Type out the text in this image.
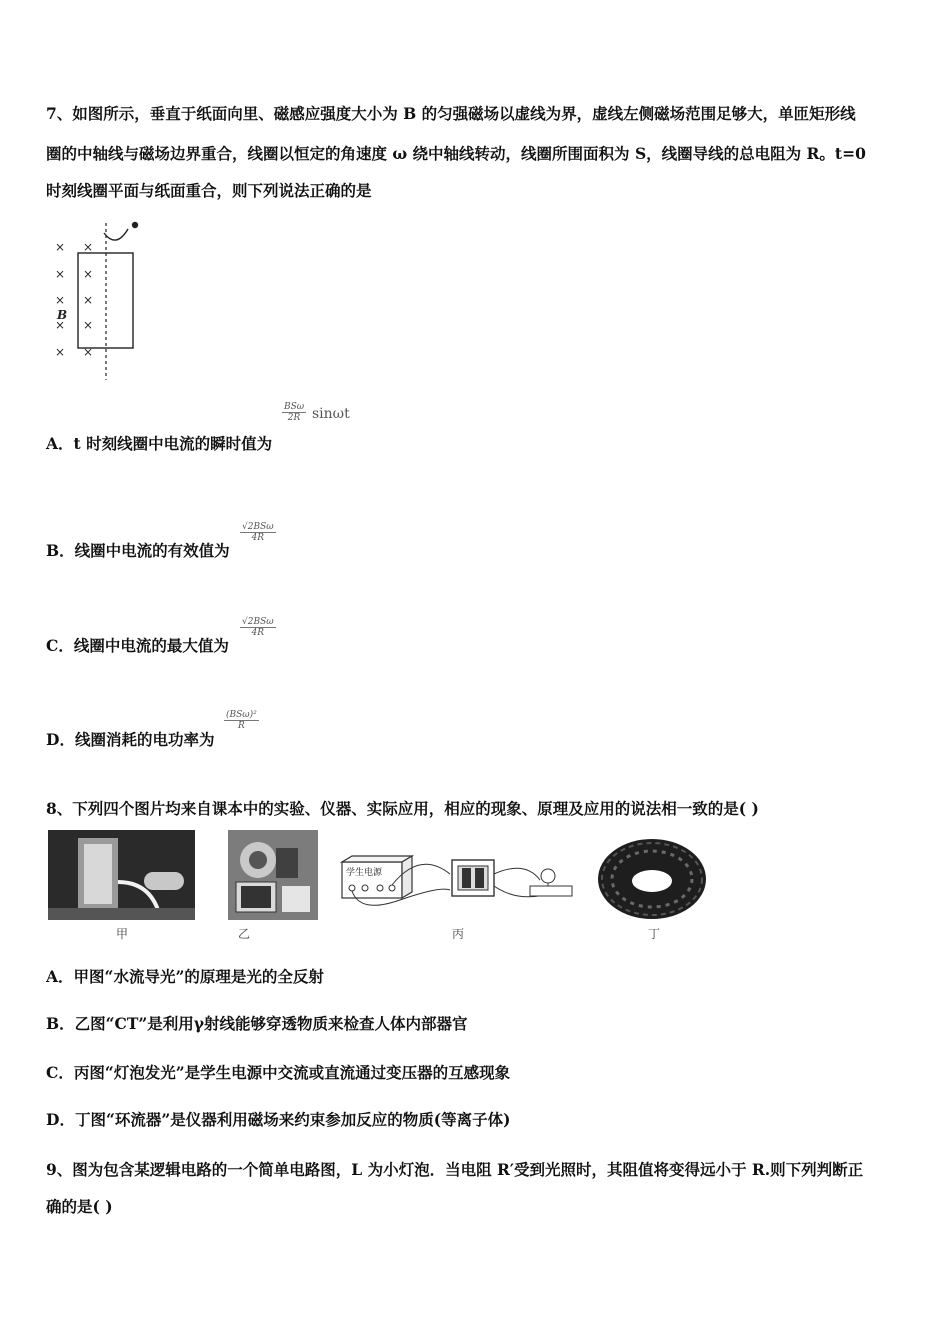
7、如图所示，垂直于纸面向里、磁感应强度大小为 B 的匀强磁场以虚线为界，虚线左侧磁场范围足够大，单匝矩形线
圈的中轴线与磁场边界重合，线圈以恒定的角速度 ω 绕中轴线转动，线圈所围面积为 S，线圈导线的总电阻为 R。t=0
时刻线圈平面与纸面重合，则下列说法正确的是
× ×
× ×
× ×
× ×
× ×
B
A．t 时刻线圈中电流的瞬时值为
BSω
2R sinωt
B．线圈中电流的有效值为
√2BSω
4R
C．线圈中电流的最大值为
√2BSω
4R
D．线圈消耗的电功率为
(BSω)²
R
8、下列四个图片均来自课本中的实验、仪器、实际应用，相应的现象、原理及应用的说法相一致的是( )
学生电源
甲	乙	丙	丁
A．甲图“水流导光”的原理是光的全反射
B．乙图“CT”是利用γ射线能够穿透物质来检查人体内部器官
C．丙图“灯泡发光”是学生电源中交流或直流通过变压器的互感现象
D．丁图“环流器”是仪器利用磁场来约束参加反应的物质(等离子体)
9、图为包含某逻辑电路的一个简单电路图，L 为小灯泡．当电阻 R′受到光照时，其阻值将变得远小于 R.则下列判断正
确的是( )
